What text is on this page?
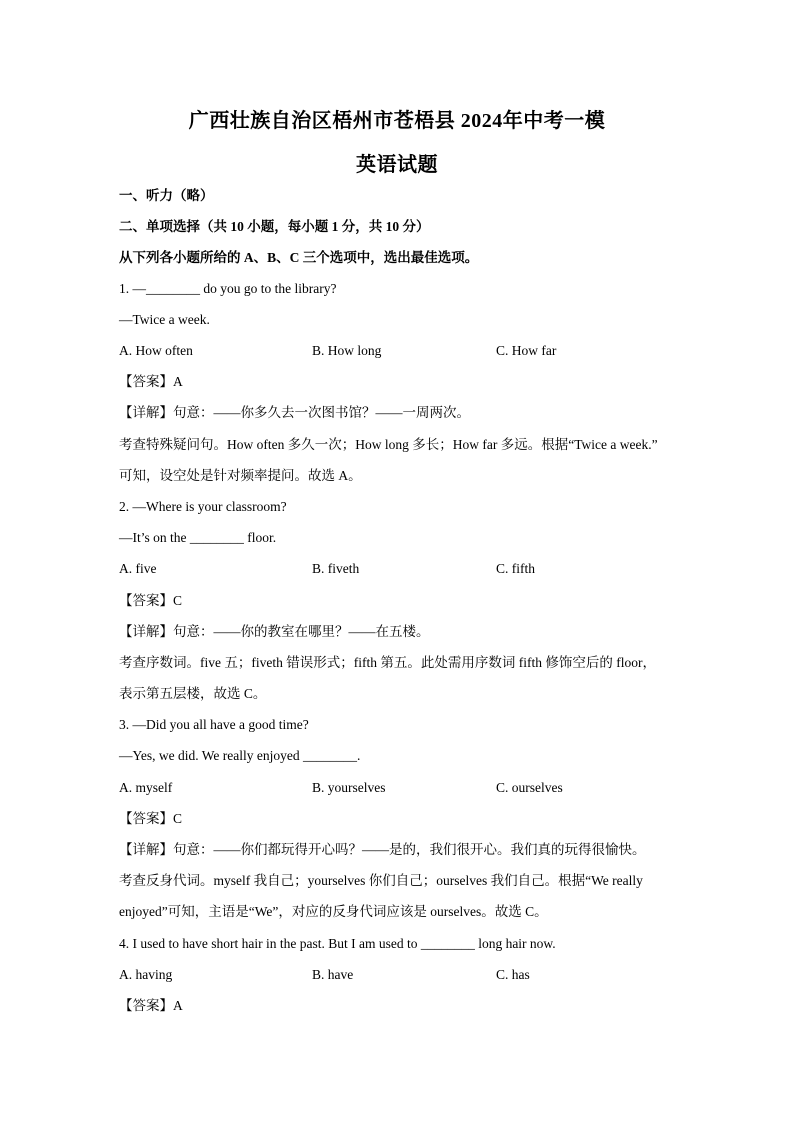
广西壮族自治区梧州市苍梧县 2024年中考一模
英语试题
一、听力（略）
二、单项选择（共 10 小题，每小题 1 分，共 10 分）
从下列各小题所给的 A、B、C 三个选项中，选出最佳选项。
1. —________ do you go to the library?
—Twice a week.
A. How often	B. How long	C. How far
【答案】A
【详解】句意：——你多久去一次图书馆？——一周两次。
考查特殊疑问句。How often 多久一次；How long 多长；How far 多远。根据“Twice a week.”
可知，设空处是针对频率提问。故选 A。
2. —Where is your classroom?
—It’s on the ________ floor.
A. five	B. fiveth	C. fifth
【答案】C
【详解】句意：——你的教室在哪里？——在五楼。
考查序数词。five 五；fiveth 错误形式；fifth 第五。此处需用序数词 fifth 修饰空后的 floor，
表示第五层楼，故选 C。
3. —Did you all have a good time?
—Yes, we did. We really enjoyed ________.
A. myself	B. yourselves	C. ourselves
【答案】C
【详解】句意：——你们都玩得开心吗？——是的，我们很开心。我们真的玩得很愉快。
考查反身代词。myself 我自己；yourselves 你们自己；ourselves 我们自己。根据“We really
enjoyed”可知，主语是“We”，对应的反身代词应该是 ourselves。故选 C。
4. I used to have short hair in the past. But I am used to ________ long hair now.
A. having	B. have	C. has
【答案】A
